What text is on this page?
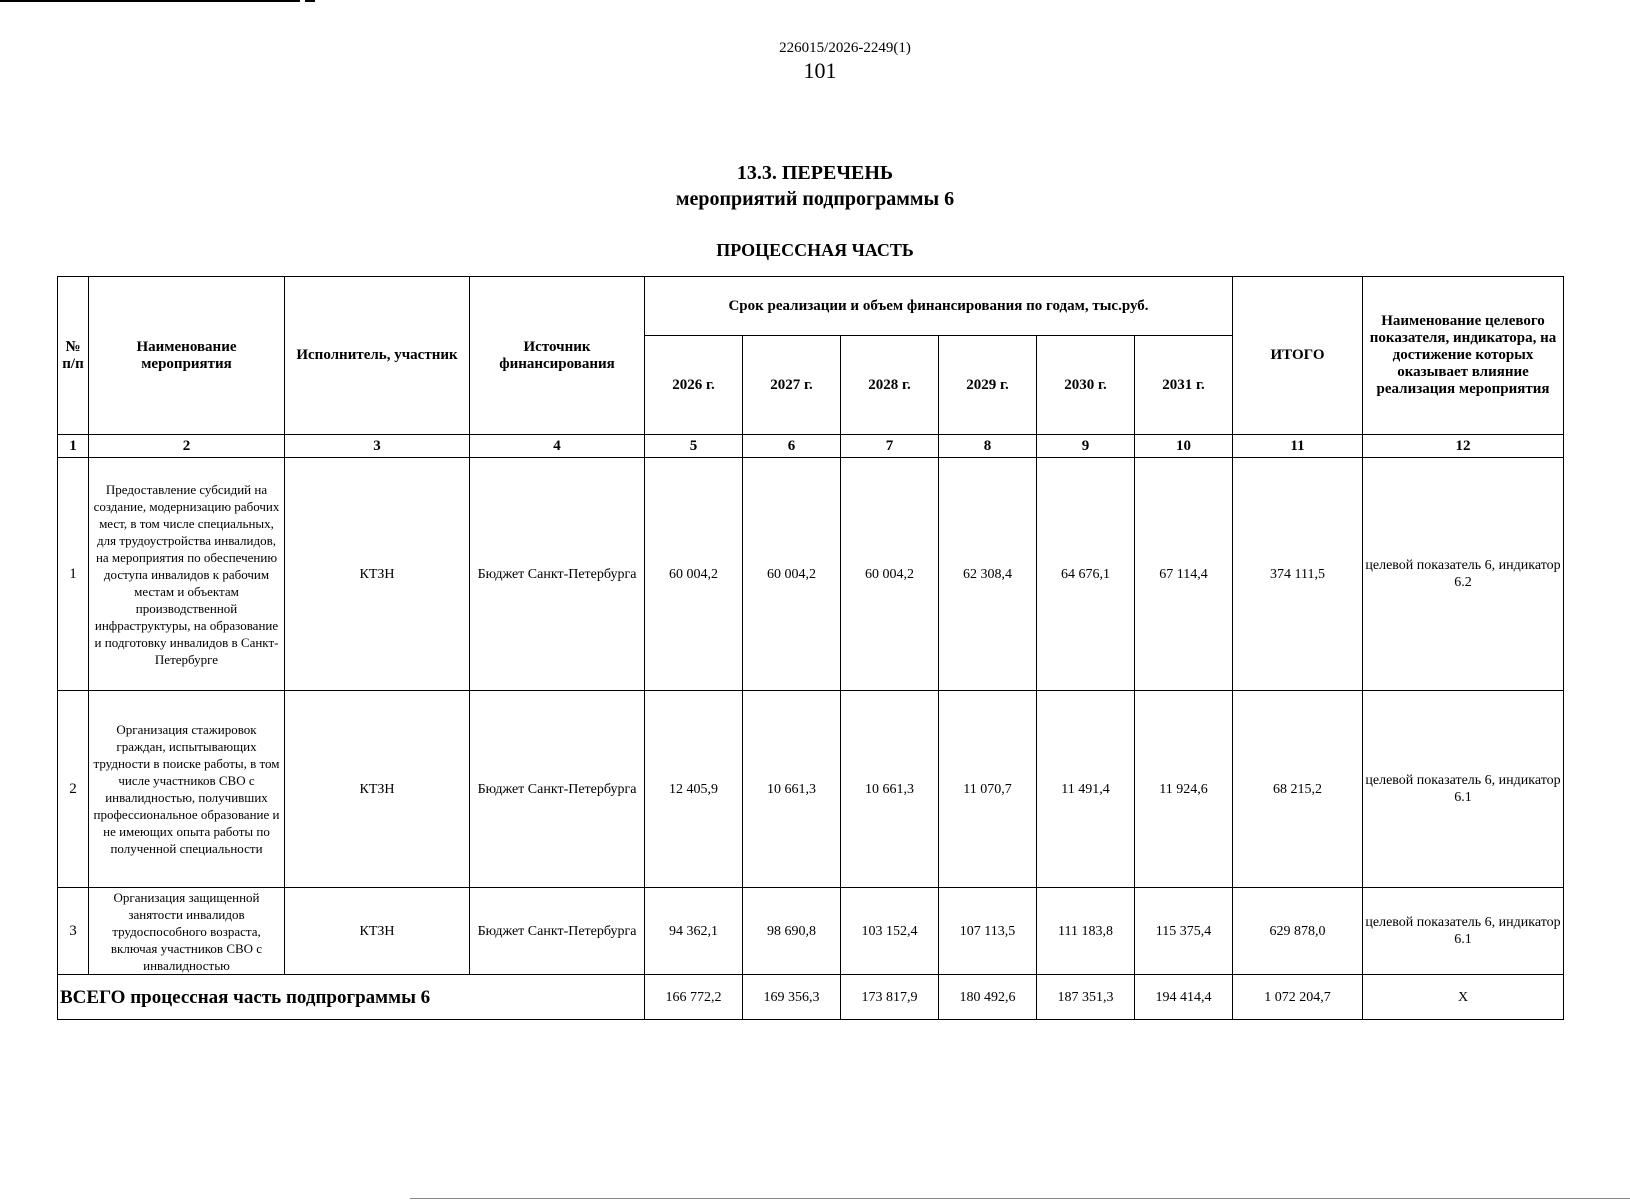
226015/2026-2249(1)
101
13.3. ПЕРЕЧЕНЬ
мероприятий подпрограммы 6
ПРОЦЕССНАЯ ЧАСТЬ
№ п/п	Наименование мероприятия	Исполнитель, участник	Источник финансирования	Срок реализации и объем финансирования по годам, тыс.руб.						ИТОГО	Наименование целевого показателя, индикатора, на достижение которых оказывает влияние реализация мероприятия
				2026 г.	2027 г.	2028 г.	2029 г.	2030 г.	2031 г.		
1	2	3	4	5	6	7	8	9	10	11	12
1	Предоставление субсидий на создание, модернизацию рабочих мест, в том числе специальных, для трудоустройства инвалидов, на мероприятия по обеспечению доступа инвалидов к рабочим местам и объектам производственной инфраструктуры, на образование и подготовку инвалидов в Санкт-Петербурге	КТЗН	Бюджет Санкт-Петербурга	60 004,2	60 004,2	60 004,2	62 308,4	64 676,1	67 114,4	374 111,5	целевой показатель 6, индикатор 6.2
2	Организация стажировок граждан, испытывающих трудности в поиске работы, в том числе участников СВО с инвалидностью, получивших профессиональное образование и не имеющих опыта работы по полученной специальности	КТЗН	Бюджет Санкт-Петербурга	12 405,9	10 661,3	10 661,3	11 070,7	11 491,4	11 924,6	68 215,2	целевой показатель 6, индикатор 6.1
3	Организация защищенной занятости инвалидов трудоспособного возраста, включая участников СВО с инвалидностью	КТЗН	Бюджет Санкт-Петербурга	94 362,1	98 690,8	103 152,4	107 113,5	111 183,8	115 375,4	629 878,0	целевой показатель 6, индикатор 6.1
ВСЕГО процессная часть подпрограммы 6				166 772,2	169 356,3	173 817,9	180 492,6	187 351,3	194 414,4	1 072 204,7	Х
